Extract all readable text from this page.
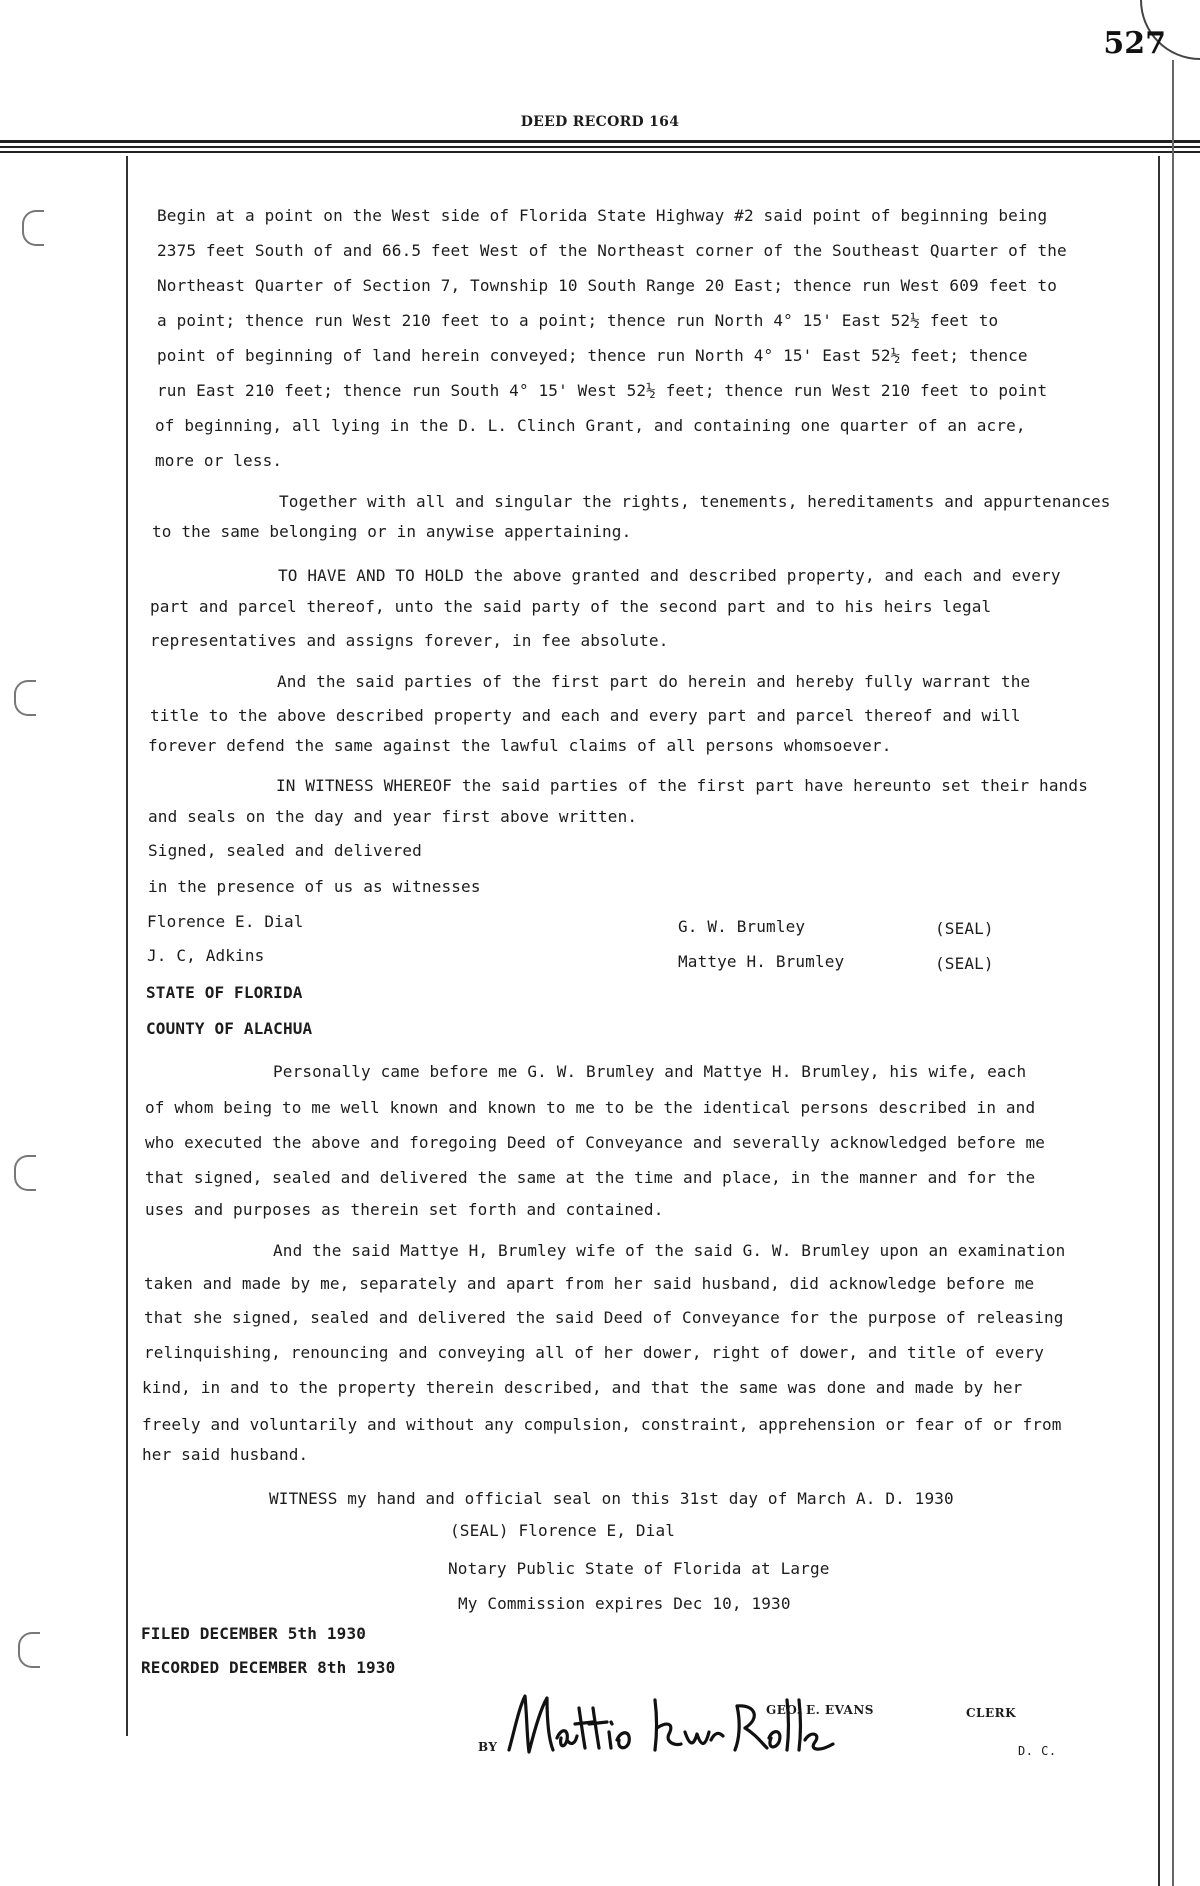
527
DEED RECORD 164
Begin at a point on the West side of Florida State Highway #2 said point of beginning being
2375 feet South of and 66.5 feet West of the Northeast corner of the Southeast Quarter of the
Northeast Quarter of Section 7, Township 10 South Range 20 East; thence run West 609 feet to
a point; thence run West 210 feet to a point; thence run North 4° 15' East 52½ feet to
point of beginning of land herein conveyed; thence run North 4° 15' East 52½ feet; thence
run East 210 feet; thence run South 4° 15' West 52½ feet; thence run West 210 feet to point
of beginning, all lying in the D. L. Clinch Grant, and containing one quarter of an acre,
more or less.
Together with all and singular the rights, tenements, hereditaments and appurtenances
to the same belonging or in anywise appertaining.
TO HAVE AND TO HOLD the above granted and described property, and each and every
part and parcel thereof, unto the said party of the second part and to his heirs legal
representatives and assigns forever, in fee absolute.
And the said parties of the first part do herein and hereby fully warrant the
title to the above described property and each and every part and parcel thereof and will
forever defend the same against the lawful claims of all persons whomsoever.
IN WITNESS WHEREOF the said parties of the first part have hereunto set their hands
and seals on the day and year first above written.
Signed, sealed and delivered
in the presence of us as witnesses
Florence E. Dial
J. C, Adkins
G. W. Brumley	(SEAL)
Mattye H. Brumley	(SEAL)
STATE OF FLORIDA
COUNTY OF ALACHUA
Personally came before me G. W. Brumley and Mattye H. Brumley, his wife, each
of whom being to me well known and known to me to be the identical persons described in and
who executed the above and foregoing Deed of Conveyance and severally acknowledged before me
that signed, sealed and delivered the same at the time and place, in the manner and for the
uses and purposes as therein set forth and contained.
And the said Mattye H, Brumley wife of the said G. W. Brumley upon an examination
taken and made by me, separately and apart from her said husband, did acknowledge before me
that she signed, sealed and delivered the said Deed of Conveyance for the purpose of releasing
relinquishing, renouncing and conveying all of her dower, right of dower, and title of every
kind, in and to the property therein described, and that the same was done and made by her
freely and voluntarily and without any compulsion, constraint, apprehension or fear of or from
her said husband.
WITNESS my hand and official seal on this 31st day of March A. D. 1930
(SEAL) Florence E, Dial
Notary Public State of Florida at Large
My Commission expires Dec 10, 1930
FILED DECEMBER 5th 1930
RECORDED DECEMBER 8th 1930
GEO. E. EVANS	CLERK
BY	D. C.
